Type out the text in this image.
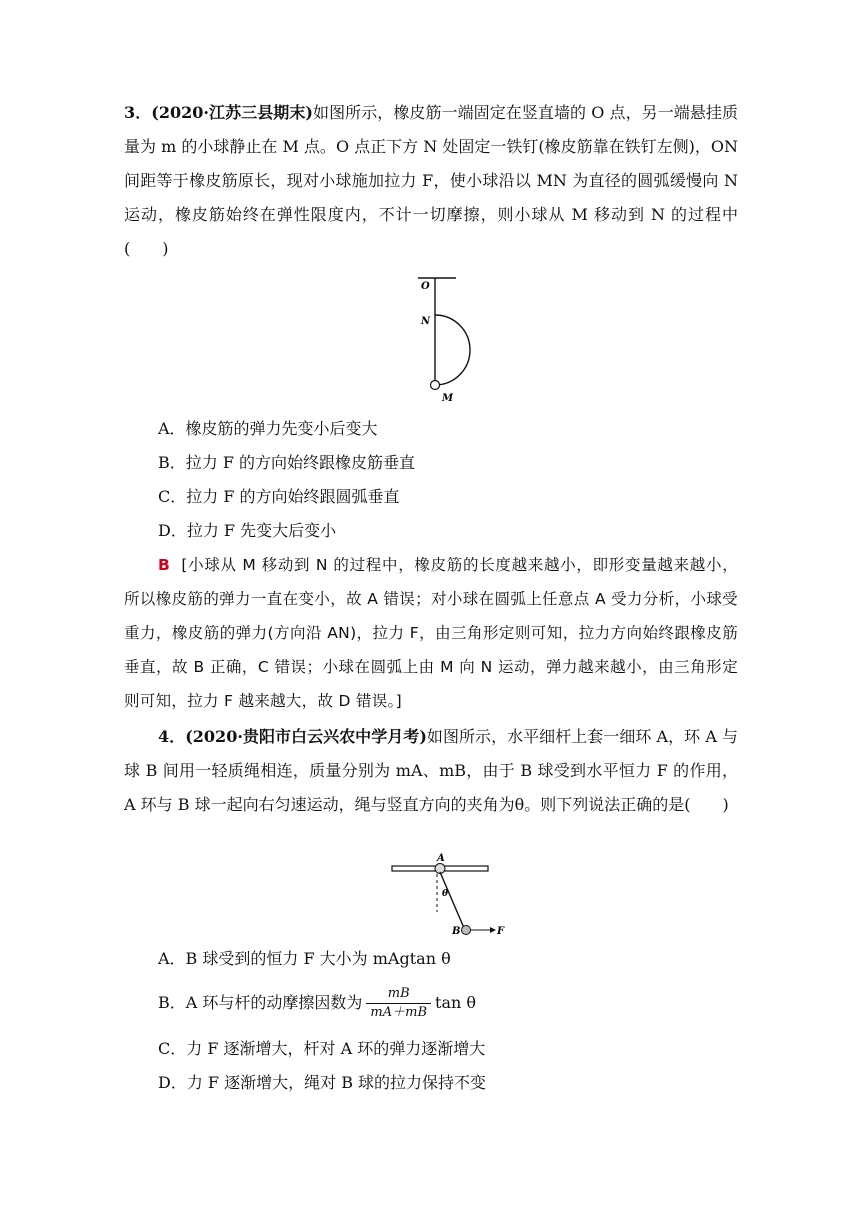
3．(2020·江苏三县期末)如图所示，橡皮筋一端固定在竖直墙的 O 点，另一端悬挂质量为 m 的小球静止在 M 点。O 点正下方 N 处固定一铁钉(橡皮筋靠在铁钉左侧)，ON 间距等于橡皮筋原长，现对小球施加拉力 F，使小球沿以 MN 为直径的圆弧缓慢向 N 运动，橡皮筋始终在弹性限度内，不计一切摩擦，则小球从 M 移动到 N 的过程中(　　)
O
N
M
A．橡皮筋的弹力先变小后变大
B．拉力 F 的方向始终跟橡皮筋垂直
C．拉力 F 的方向始终跟圆弧垂直
D．拉力 F 先变大后变小
B [小球从 M 移动到 N 的过程中，橡皮筋的长度越来越小，即形变量越来越小，所以橡皮筋的弹力一直在变小，故 A 错误；对小球在圆弧上任意点 A 受力分析，小球受重力，橡皮筋的弹力(方向沿 AN)，拉力 F，由三角形定则可知，拉力方向始终跟橡皮筋垂直，故 B 正确，C 错误；小球在圆弧上由 M 向 N 运动，弹力越来越小，由三角形定则可知，拉力 F 越来越大，故 D 错误。]
4．(2020·贵阳市白云兴农中学月考)如图所示，水平细杆上套一细环 A，环 A 与球 B 间用一轻质绳相连，质量分别为 mA、mB，由于 B 球受到水平恒力 F 的作用，A 环与 B 球一起向右匀速运动，绳与竖直方向的夹角为θ。则下列说法正确的是(　　)
A
θ
B	F
A．B 球受到的恒力 F 大小为 mAgtan θ
B．A 环与杆的动摩擦因数为 $\frac{mB}{mA+mB}$ tan θ
C．力 F 逐渐增大，杆对 A 环的弹力逐渐增大
D．力 F 逐渐增大，绳对 B 球的拉力保持不变
